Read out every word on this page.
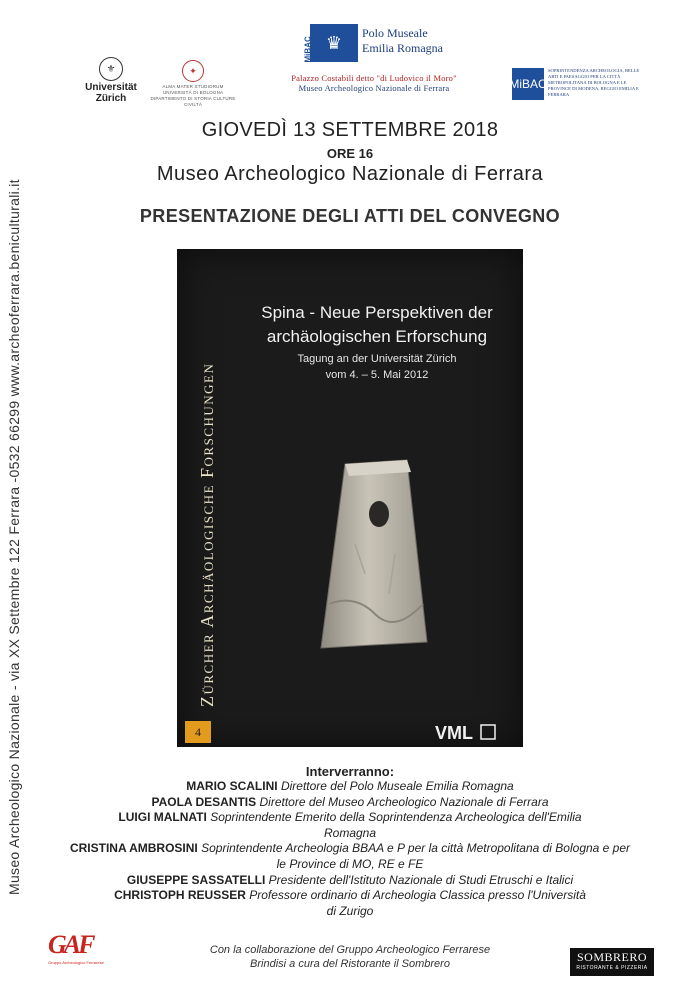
Museo Archeologico Nazionale - via XX Settembre 122 Ferrara -0532 66299 www.archeoferrara.beniculturali.it
⚜
Universität
Zürich
✦
ALMA MATER STUDIORUM
UNIVERSITÀ DI BOLOGNA
DIPARTIMENTO DI STORIA CULTURE CIVILTÀ
♛
MiBAC
Polo Museale
Emilia Romagna
Palazzo Costabili detto "di Ludovico il Moro"
Museo Archeologico Nazionale di Ferrara	MiBAC
SOPRINTENDENZA ARCHEOLOGIA, BELLE ARTI E PAESAGGIO PER LA CITTÀ METROPOLITANA DI BOLOGNA E LE PROVINCE DI MODENA, REGGIO EMILIA E FERRARA
GIOVEDÌ 13 SETTEMBRE 2018
ORE 16
Museo Archeologico Nazionale di Ferrara
PRESENTAZIONE DEGLI ATTI DEL CONVEGNO
Zürcher Archäologische Forschungen
4
Spina - Neue Perspektiven der
archäologischen Erforschung
Tagung an der Universität Zürich
vom 4. – 5. Mai 2012
VML
Interverranno:
MARIO SCALINI Direttore del Polo Museale Emilia Romagna
PAOLA DESANTIS Direttore del Museo Archeologico Nazionale di Ferrara
LUIGI MALNATI Soprintendente Emerito della Soprintendenza Archeologica dell'Emilia Romagna
CRISTINA AMBROSINI Soprintendente Archeologia BBAA e P per la città Metropolitana di Bologna e per le Province di MO, RE e FE
GIUSEPPE SASSATELLI Presidente dell'Istituto Nazionale di Studi Etruschi e Italici
CHRISTOPH REUSSER Professore ordinario di Archeologia Classica presso l'Università di Zurigo
GAF
Gruppo Archeologico Ferrarese
Con la collaborazione del Gruppo Archeologico Ferrarese
Brindisi a cura del Ristorante il Sombrero	SOMBRERO
RISTORANTE & PIZZERIA
